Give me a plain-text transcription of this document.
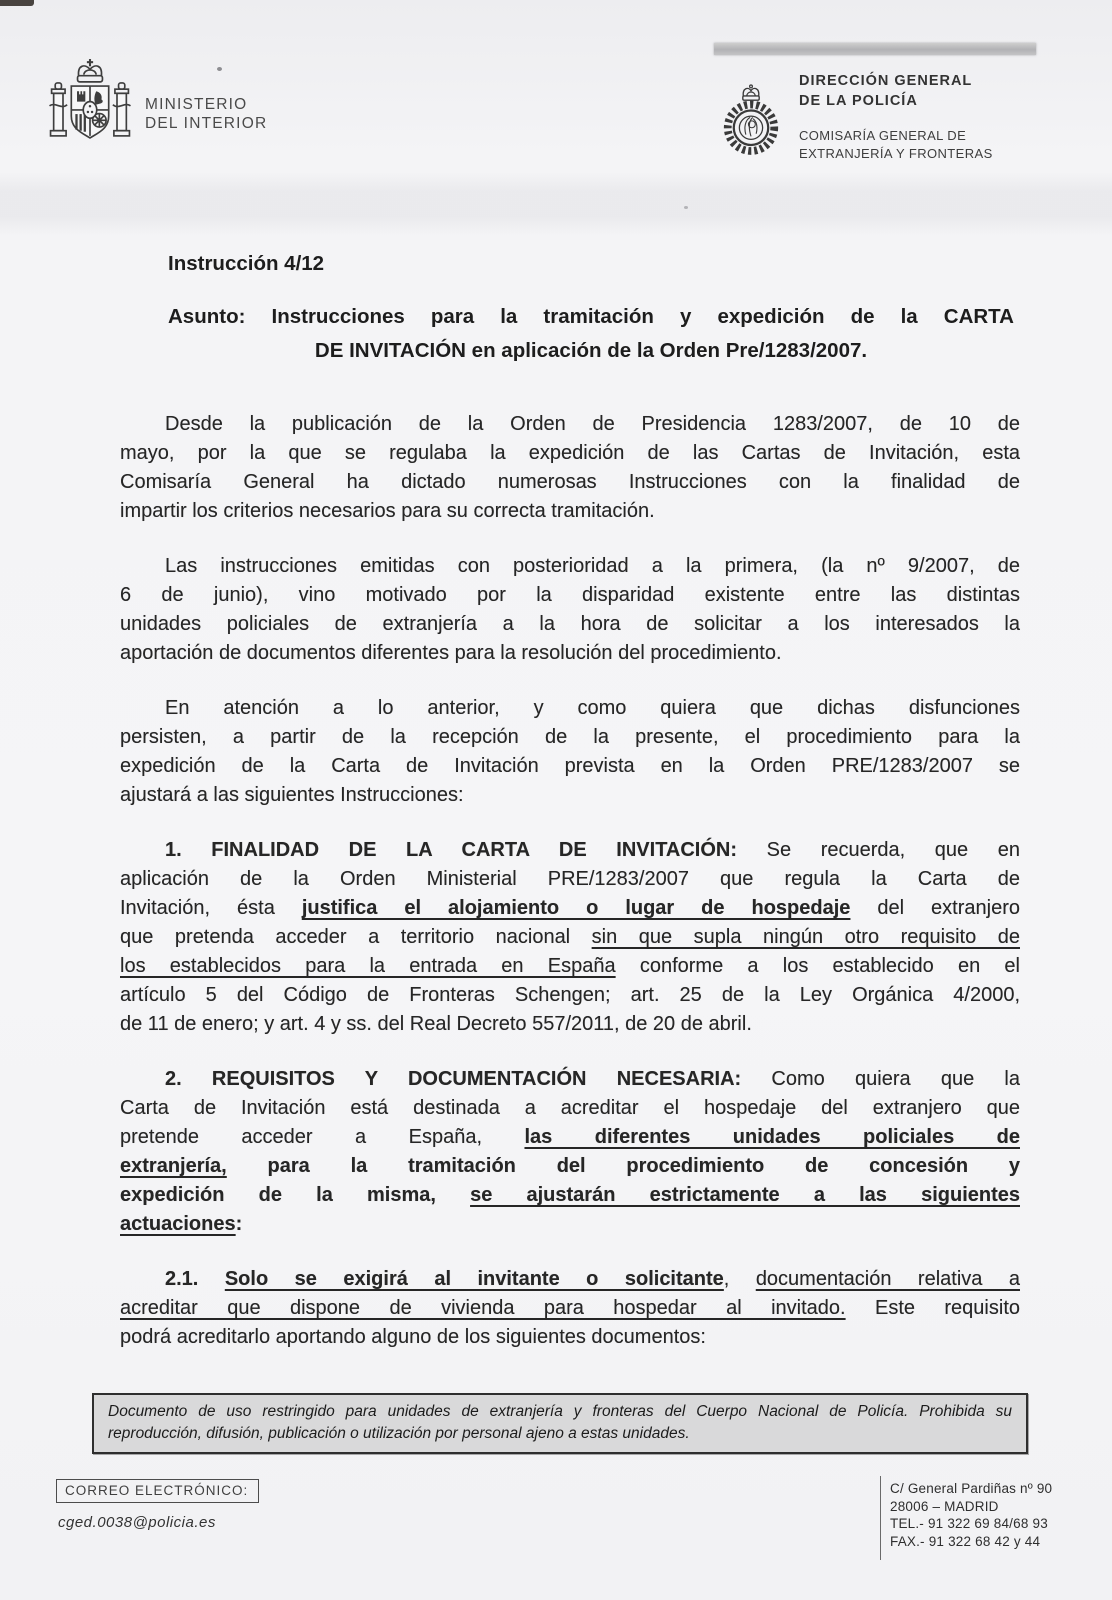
MINISTERIO
DEL INTERIOR
DIRECCIÓN GENERAL
DE LA POLICÍA
COMISARÍA GENERAL DE
EXTRANJERÍA Y FRONTERAS
Instrucción 4/12
Asunto: Instrucciones para la tramitación y expedición de la CARTA
DE INVITACIÓN en aplicación de la Orden Pre/1283/2007.
Desde la publicación de la Orden de Presidencia 1283/2007, de 10 de
mayo, por la que se regulaba la expedición de las Cartas de Invitación, esta
Comisaría General ha dictado numerosas Instrucciones con la finalidad de
impartir los criterios necesarios para su correcta tramitación.
Las instrucciones emitidas con posterioridad a la primera, (la nº 9/2007, de
6 de junio), vino motivado por la disparidad existente entre las distintas
unidades policiales de extranjería a la hora de solicitar a los interesados la
aportación de documentos diferentes para la resolución del procedimiento.
En atención a lo anterior, y como quiera que dichas disfunciones
persisten, a partir de la recepción de la presente, el procedimiento para la
expedición de la Carta de Invitación prevista en la Orden PRE/1283/2007 se
ajustará a las siguientes Instrucciones:
1. FINALIDAD DE LA CARTA DE INVITACIÓN: Se recuerda, que en
aplicación de la Orden Ministerial PRE/1283/2007 que regula la Carta de
Invitación, ésta justifica el alojamiento o lugar de hospedaje del extranjero
que pretenda acceder a territorio nacional sin que supla ningún otro requisito de
los establecidos para la entrada en España conforme a los establecido en el
artículo 5 del Código de Fronteras Schengen; art. 25 de la Ley Orgánica 4/2000,
de 11 de enero; y art. 4 y ss. del Real Decreto 557/2011, de 20 de abril.
2. REQUISITOS Y DOCUMENTACIÓN NECESARIA: Como quiera que la
Carta de Invitación está destinada a acreditar el hospedaje del extranjero que
pretende acceder a España, las diferentes unidades policiales de
extranjería, para la tramitación del procedimiento de concesión y
expedición de la misma, se ajustarán estrictamente a las siguientes
actuaciones:
2.1. Solo se exigirá al invitante o solicitante, documentación relativa a
acreditar que dispone de vivienda para hospedar al invitado. Este requisito
podrá acreditarlo aportando alguno de los siguientes documentos:
Documento de uso restringido para unidades de extranjería y fronteras del Cuerpo Nacional de Policía. Prohibida su
reproducción, difusión, publicación o utilización por personal ajeno a estas unidades.
CORREO ELECTRÓNICO:
cged.0038@policia.es
C/ General Pardiñas nº 90
28006 – MADRID
TEL.- 91 322 69 84/68 93
FAX.- 91 322 68 42 y 44
